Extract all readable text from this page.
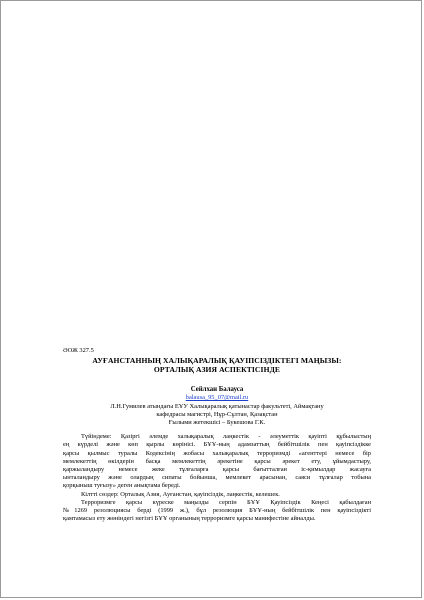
ӘОЖ 327.5

АУҒАНСТАННЫҢ ХАЛЫҚАРАЛЫҚ ҚАУІПСІЗДІКТЕГІ МАҢЫЗЫ:
ОРТАЛЫҚ АЗИЯ АСПЕКТІСІНДЕ

Сейлхан Балауса

balausa_95_07@mail.ru

Л.Н.Гумилев атындағы ЕҰУ Халықаралық қатынастар факультеті, Аймақтану
кафедрасы магистрі, Нұр-Сұлтан, Қазақстан
Ғылыми жетекшісі – Букешова Г.К.
Түйіндеме: Қазіргі әлемде халықаралық лаңкестік - әлеуметтік қауіпті құбылыстың
ең күрделі және көп қырлы көрінісі. БҰҰ-ның адамзаттың бейбітшілік пен қауіпсіздікке
қарсы қылмыс туралы Кодексінің жобасы халықаралық терроризмді «агенттері немесе бір
мемлекеттің өкілдерін басқа мемлекеттің әрекетіне қарсы әрекет ету, ұйымдастыру,
қаржыландыру немесе жеке тұлғаларға қарсы бағытталған іс-қимылдар жасауға
ынталандыру және олардың сипаты бойынша, мемлекет арасынан, саяси тұлғалар тобына
қорқыныш туғызу» деген анықтама береді.
Кілтті сөздер: Орталық Азия, Ауғанстан, қауіпсіздік, лаңкестік, келешек.
Терроризмге қарсы күреске маңызды серпін БҰҰ Қауіпсіздік Кеңесі қабылдаған
№1269 резолюциясы берді (1999 ж.), бұл резолюция БҰҰ-ның бейбітшілік пен қауіпсіздікті
қамтамасыз ету жөніндегі негізгі БҰҰ органының терроризмге қарсы манифестіне айналды.
